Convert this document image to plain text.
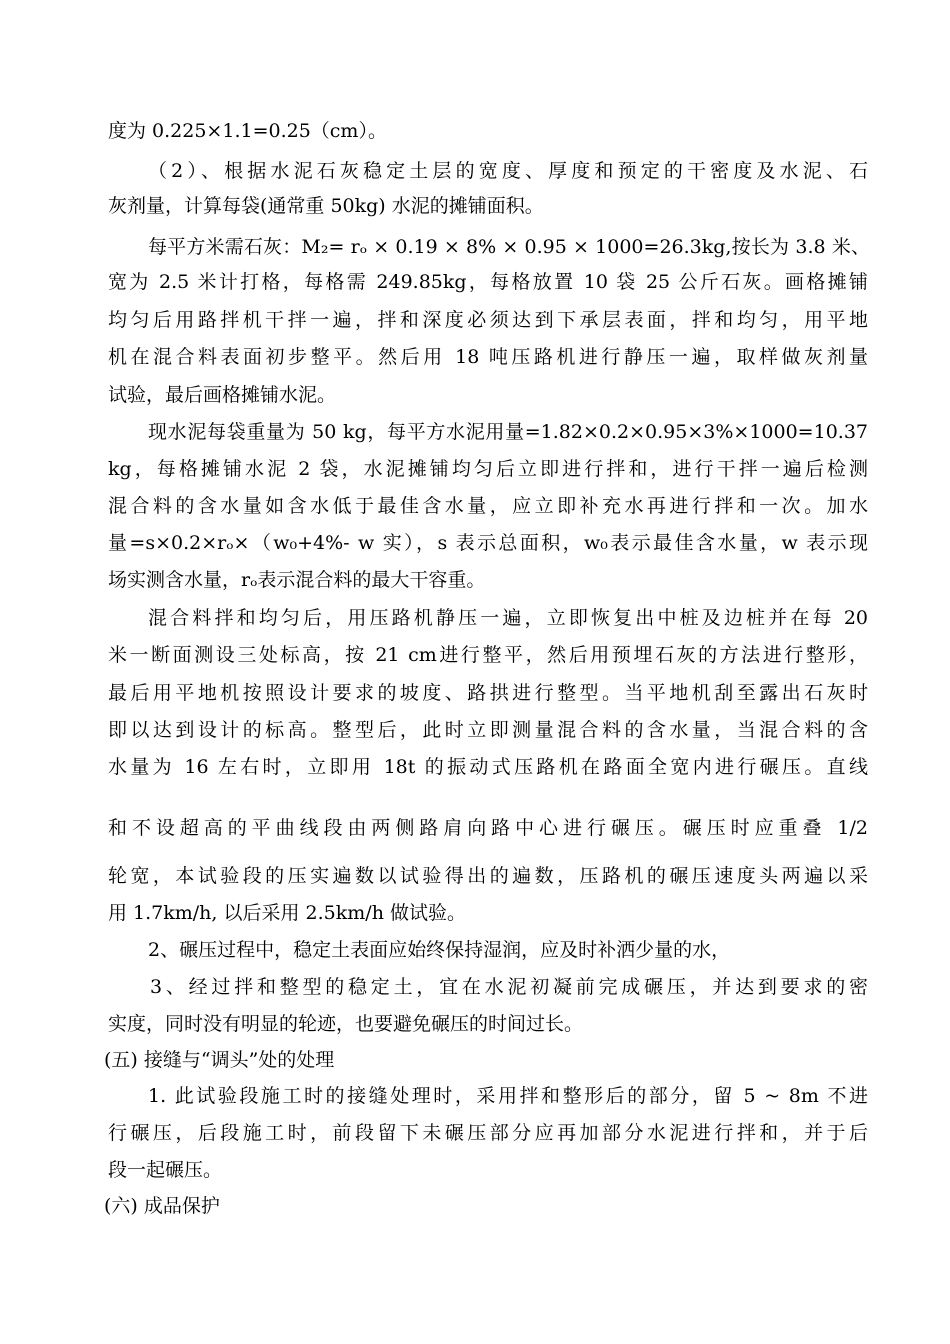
度为 0.225×1.1=0.25（cm）。
（2）、根据水泥石灰稳定土层的宽度、厚度和预定的干密度及水泥、石
灰剂量，计算每袋(通常重 50kg) 水泥的摊铺面积。
每平方米需石灰：M₂= rₒ × 0.19 × 8% × 0.95 × 1000=26.3kg,按长为 3.8 米、
宽为 2.5 米计打格，每格需 249.85kg，每格放置 10 袋 25 公斤石灰。画格摊铺
均匀后用路拌机干拌一遍，拌和深度必须达到下承层表面，拌和均匀，用平地
机在混合料表面初步整平。然后用 18 吨压路机进行静压一遍，取样做灰剂量
试验，最后画格摊铺水泥。
现水泥每袋重量为 50 kg，每平方水泥用量=1.82×0.2×0.95×3%×1000=10.37
kg，每格摊铺水泥 2 袋，水泥摊铺均匀后立即进行拌和，进行干拌一遍后检测
混合料的含水量如含水低于最佳含水量，应立即补充水再进行拌和一次。加水
量=s×0.2×rₒ×（w₀+4%- w 实），s 表示总面积，w₀表示最佳含水量，w 表示现
场实测含水量，rₒ表示混合料的最大干容重。
混合料拌和均匀后，用压路机静压一遍，立即恢复出中桩及边桩并在每 20
米一断面测设三处标高，按 21 cm进行整平，然后用预埋石灰的方法进行整形，
最后用平地机按照设计要求的坡度、路拱进行整型。当平地机刮至露出石灰时
即以达到设计的标高。整型后，此时立即测量混合料的含水量，当混合料的含
水量为 16 左右时，立即用 18t 的振动式压路机在路面全宽内进行碾压。直线
和不设超高的平曲线段由两侧路肩向路中心进行碾压。碾压时应重叠 1/2
轮宽，本试验段的压实遍数以试验得出的遍数，压路机的碾压速度头两遍以采
用 1.7km/h, 以后采用 2.5km/h 做试验。
2、碾压过程中，稳定土表面应始终保持湿润，应及时补洒少量的水，
3、经过拌和整型的稳定土，宜在水泥初凝前完成碾压，并达到要求的密
实度，同时没有明显的轮迹，也要避免碾压的时间过长。
(五) 接缝与“调头”处的处理
1. 此试验段施工时的接缝处理时，采用拌和整形后的部分，留 5 ~ 8m 不进
行碾压，后段施工时，前段留下未碾压部分应再加部分水泥进行拌和，并于后
段一起碾压。
(六) 成品保护
